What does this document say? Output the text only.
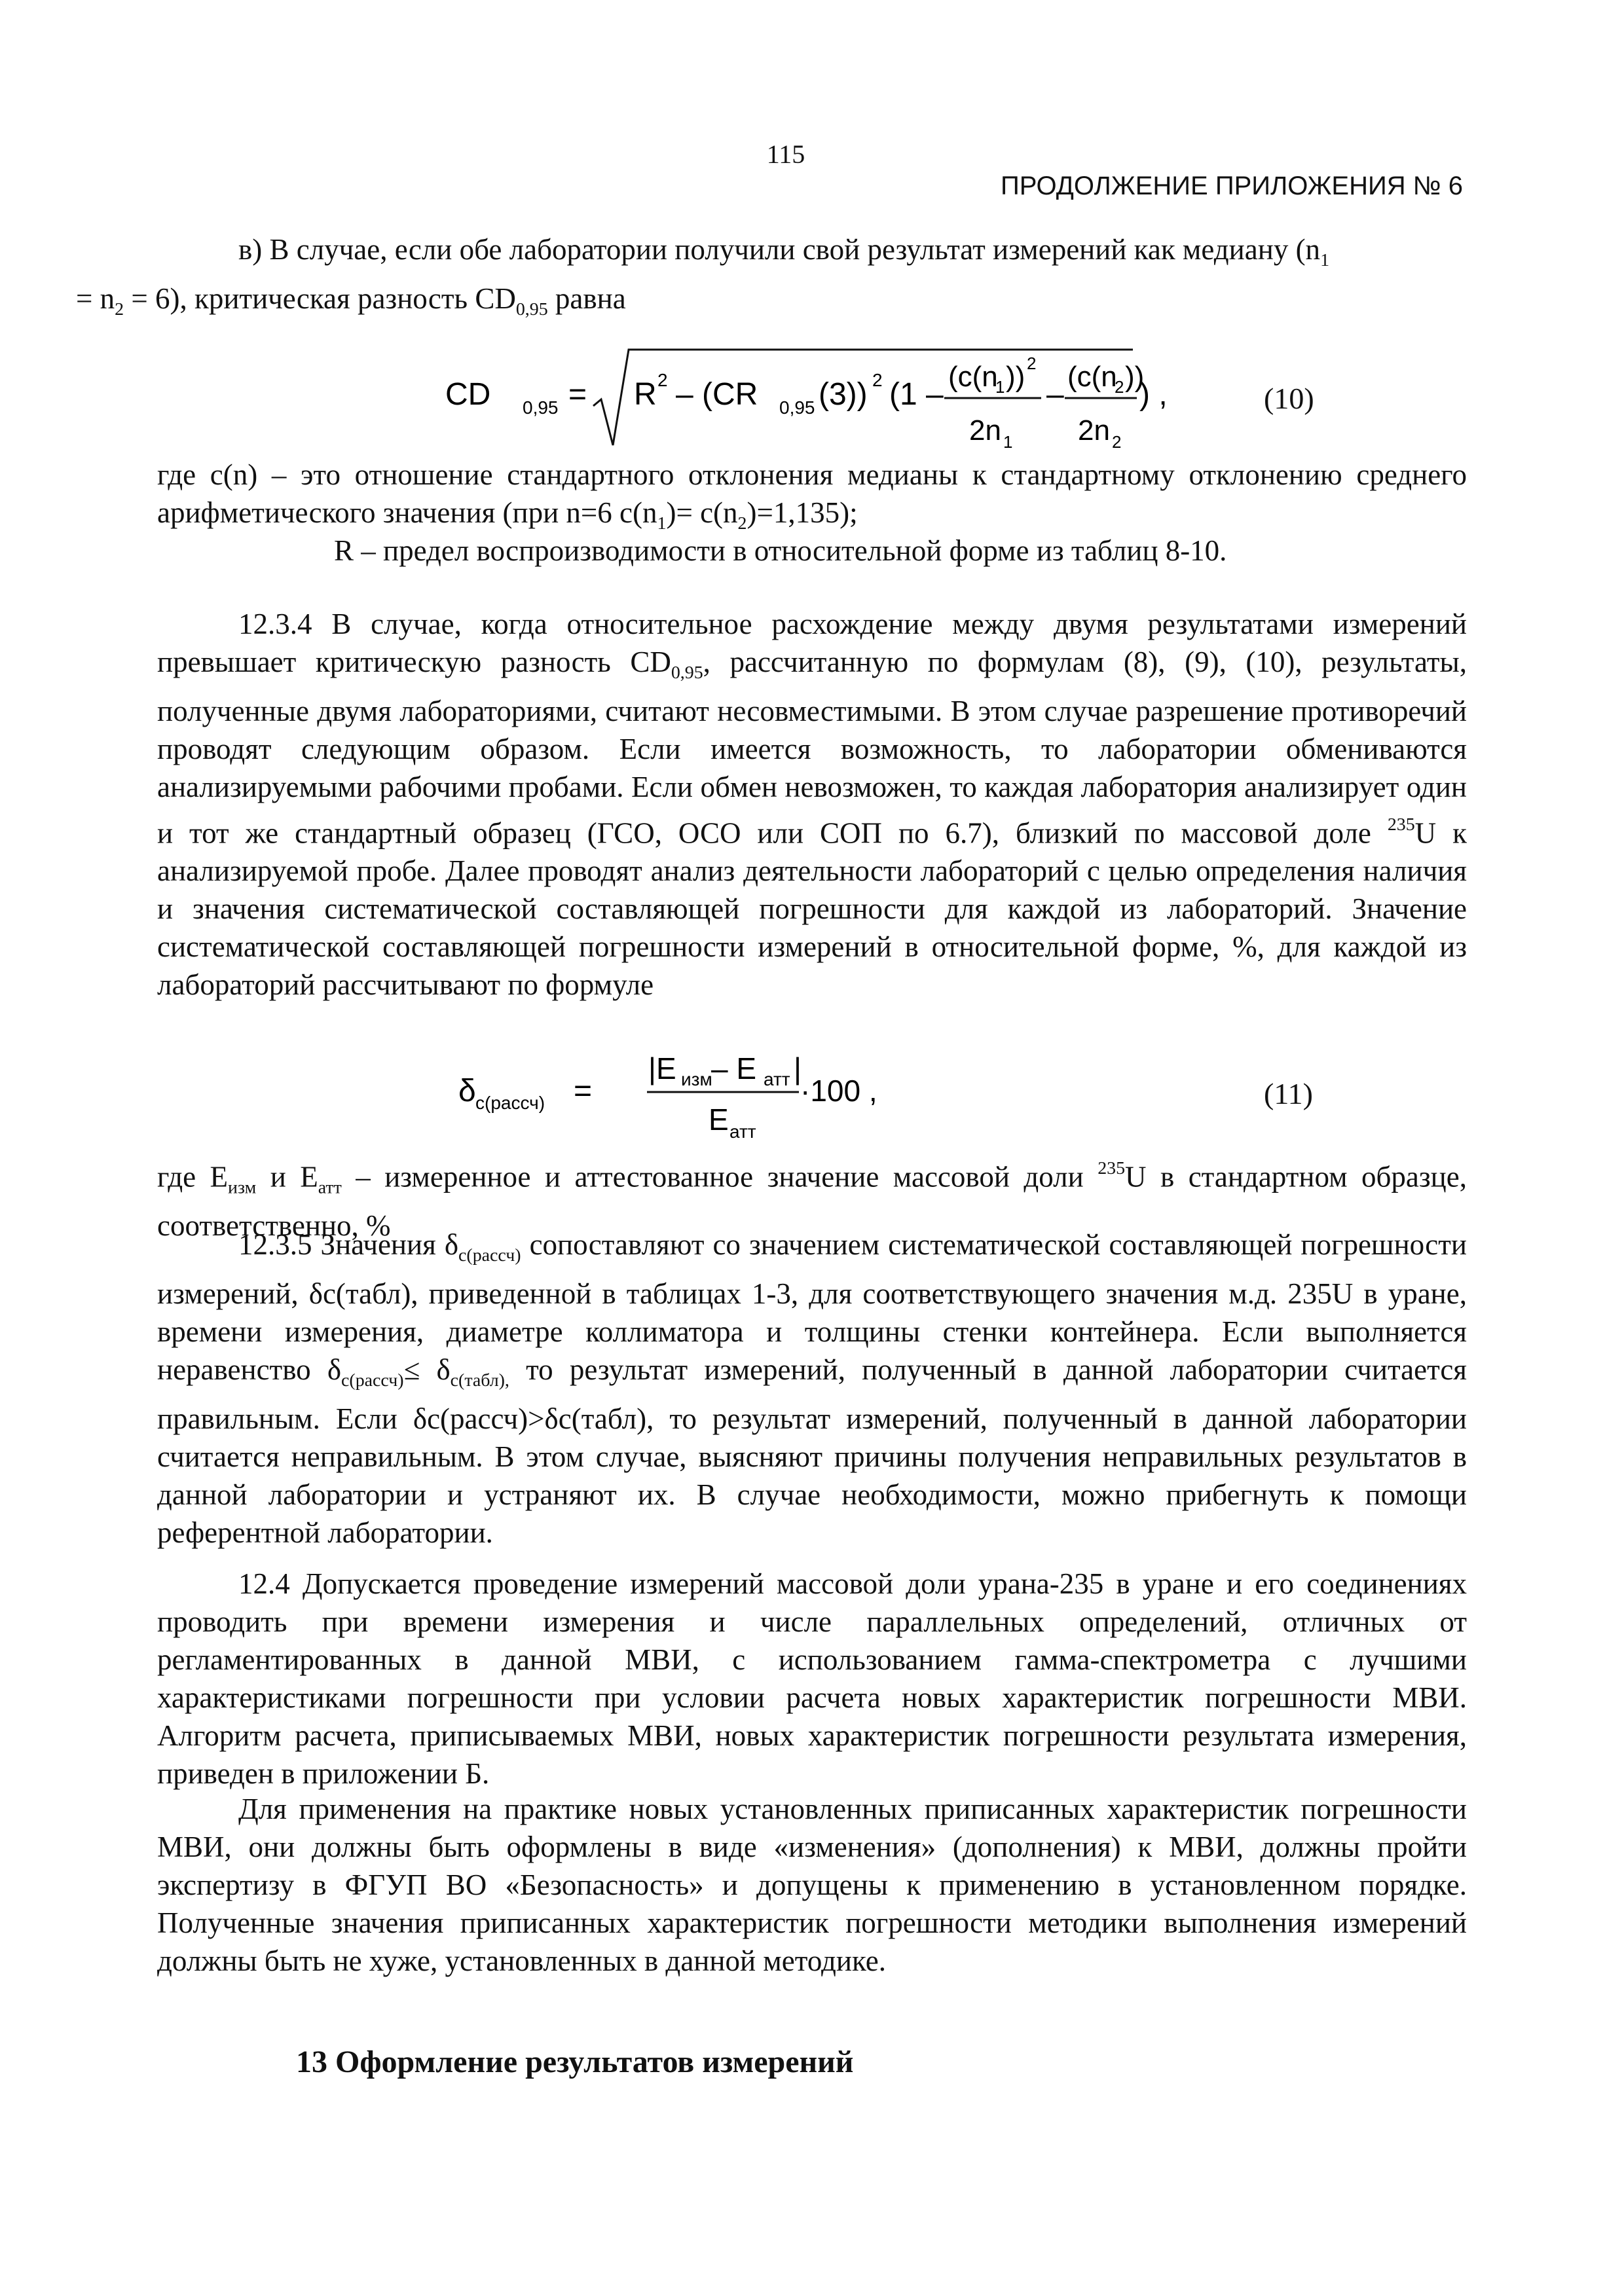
115
ПРОДОЛЖЕНИЕ ПРИЛОЖЕНИЯ № 6
в) В случае, если обе лаборатории получили свой результат измерений как медиану ($n_1$
= $n_2 = 6$), критическая разность $CD_{0,95}$ равна
CD 0,95 = R 2 – (CR 0,95 (3)) 2 (1 –
(c(n
1 )) 2
2n 1
–
(c(n
2 ))
2n 2
) ,	(10)
где c(n) – это отношение стандартного отклонения медианы к стандартному отклонению среднего арифметического значения (при n=6 $c(n_1)= c(n_2)=1,135$);
R – предел воспроизводимости в относительной форме из таблиц 8-10.
12.3.4 В случае, когда относительное расхождение между двумя результатами измерений превышает критическую разность $CD_{0,95}$, рассчитанную по формулам (8), (9), (10), результаты, полученные двумя лабораториями, считают несовместимыми. В этом случае разрешение противоречий проводят следующим образом. Если имеется возможность, то лаборатории обмениваются анализируемыми рабочими пробами. Если обмен невозможен, то каждая лаборатория анализирует один и тот же стандартный образец (ГСО, ОСО или СОП по 6.7), близкий по массовой доле $^{235}$U к анализируемой пробе. Далее проводят анализ деятельности лабораторий с целью определения наличия и значения систематической составляющей погрешности для каждой из лабораторий. Значение систематической составляющей погрешности измерений в относительной форме, %, для каждой из лабораторий рассчитывают по формуле
δ с(рассч) =
|E изм
– E атт |
E атт
·100 ,	(11)
где $Е_{изм}$ и $Е_{атт}$ – измеренное и аттестованное значение массовой доли $^{235}$U в стандартном образце, соответственно, %
12.3.5 Значения $\delta_{с(рассч)}$ сопоставляют со значением систематической составляющей погрешности измерений, δс(табл), приведенной в таблицах 1-3, для соответствующего значения м.д. 235U в уране, времени измерения, диаметре коллиматора и толщины стенки контейнера. Если выполняется неравенство $\delta_{с(рассч)}\le \delta_{с(табл),}$ то результат измерений, полученный в данной лаборатории считается правильным. Если δс(рассч)>δс(табл), то результат измерений, полученный в данной лаборатории считается неправильным. В этом случае, выясняют причины получения неправильных результатов в данной лаборатории и устраняют их. В случае необходимости, можно прибегнуть к помощи референтной лаборатории.
12.4 Допускается проведение измерений массовой доли урана-235 в уране и его соединениях проводить при времени измерения и числе параллельных определений, отличных от регламентированных в данной МВИ, с использованием гамма-спектрометра с лучшими характеристиками погрешности при условии расчета новых характеристик погрешности МВИ. Алгоритм расчета, приписываемых МВИ, новых характеристик погрешности результата измерения, приведен в приложении Б.
Для применения на практике новых установленных приписанных характеристик погрешности МВИ, они должны быть оформлены в виде «изменения» (дополнения) к МВИ, должны пройти экспертизу в ФГУП ВО «Безопасность» и допущены к применению в установленном порядке. Полученные значения приписанных характеристик погрешности методики выполнения измерений должны быть не хуже, установленных в данной методике.
13 Оформление результатов измерений
